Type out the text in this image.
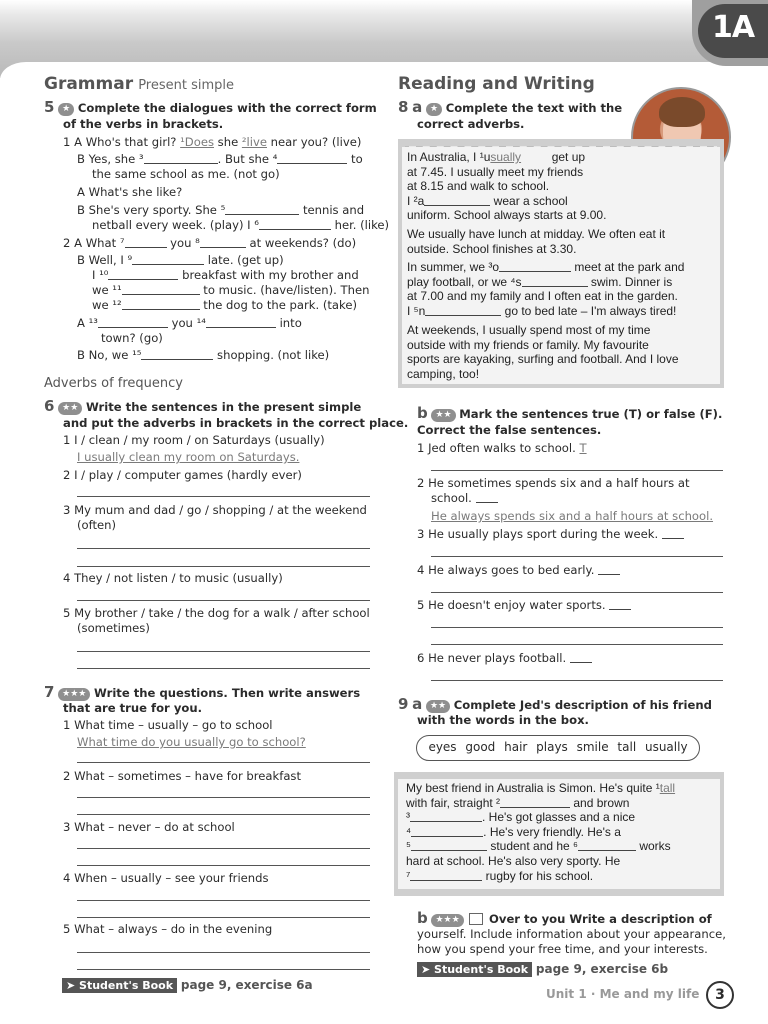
1A
Grammar Present simple
5 ★ Complete the dialogues with the correct form
of the verbs in brackets.
1 A Who's that girl? ¹Does she ²live near you? (live)
B Yes, she ³	. But she ⁴	to
the same school as me. (not go)
A What's she like?
B She's very sporty. She ⁵	tennis and
netball every week. (play) I ⁶	her. (like)
2 A What ⁷	you ⁸	at weekends? (do)
B Well, I ⁹	late. (get up)
I ¹⁰	breakfast with my brother and
we ¹¹	to music. (have/listen). Then
we ¹²	the dog to the park. (take)
A ¹³	you ¹⁴	into
town? (go)
B No, we ¹⁵	shopping. (not like)
Adverbs of frequency
6 ★★ Write the sentences in the present simple
and put the adverbs in brackets in the correct place.
1 I / clean / my room / on Saturdays (usually)
I usually clean my room on Saturdays.
2 I / play / computer games (hardly ever)
3 My mum and dad / go / shopping / at the weekend
(often)
4 They / not listen / to music (usually)
5 My brother / take / the dog for a walk / after school
(sometimes)
7 ★★★ Write the questions. Then write answers
that are true for you.
1 What time – usually – go to school
What time do you usually go to school?
2 What – sometimes – have for breakfast
3 What – never – do at school
4 When – usually – see your friends
5 What – always – do in the evening
➤ Student's Book page 9, exercise 6a
Reading and Writing
8 a ★ Complete the text with the
correct adverbs.
In Australia, I ¹usually get up
at 7.45. I usually meet my friends
at 8.15 and walk to school.
I ²a	wear a school
uniform. School always starts at 9.00.
We usually have lunch at midday. We often eat it
outside. School finishes at 3.30.
In summer, we ³o	meet at the park and
play football, or we ⁴s	swim. Dinner is
at 7.00 and my family and I often eat in the garden.
I ⁵n	go to bed late – I'm always tired!
At weekends, I usually spend most of my time
outside with my friends or family. My favourite
sports are kayaking, surfing and football. And I love
camping, too!
b ★★ Mark the sentences true (T) or false (F).
Correct the false sentences.
1 Jed often walks to school. T
2 He sometimes spends six and a half hours at
school.
He always spends six and a half hours at school.
3 He usually plays sport during the week.
4 He always goes to bed early.
5 He doesn't enjoy water sports.
6 He never plays football.
9 a ★★ Complete Jed's description of his friend
with the words in the box.
eyes good hair plays smile tall usually
My best friend in Australia is Simon. He's quite ¹tall
with fair, straight ²	and brown
³	. He's got glasses and a nice
⁴	. He's very friendly. He's a
⁵	student and he ⁶	works
hard at school. He's also very sporty. He
⁷	rugby for his school.
b ★★★	Over to you Write a description of
yourself. Include information about your appearance,
how you spend your free time, and your interests.
➤ Student's Book page 9, exercise 6b
Unit 1 · Me and my life	3
